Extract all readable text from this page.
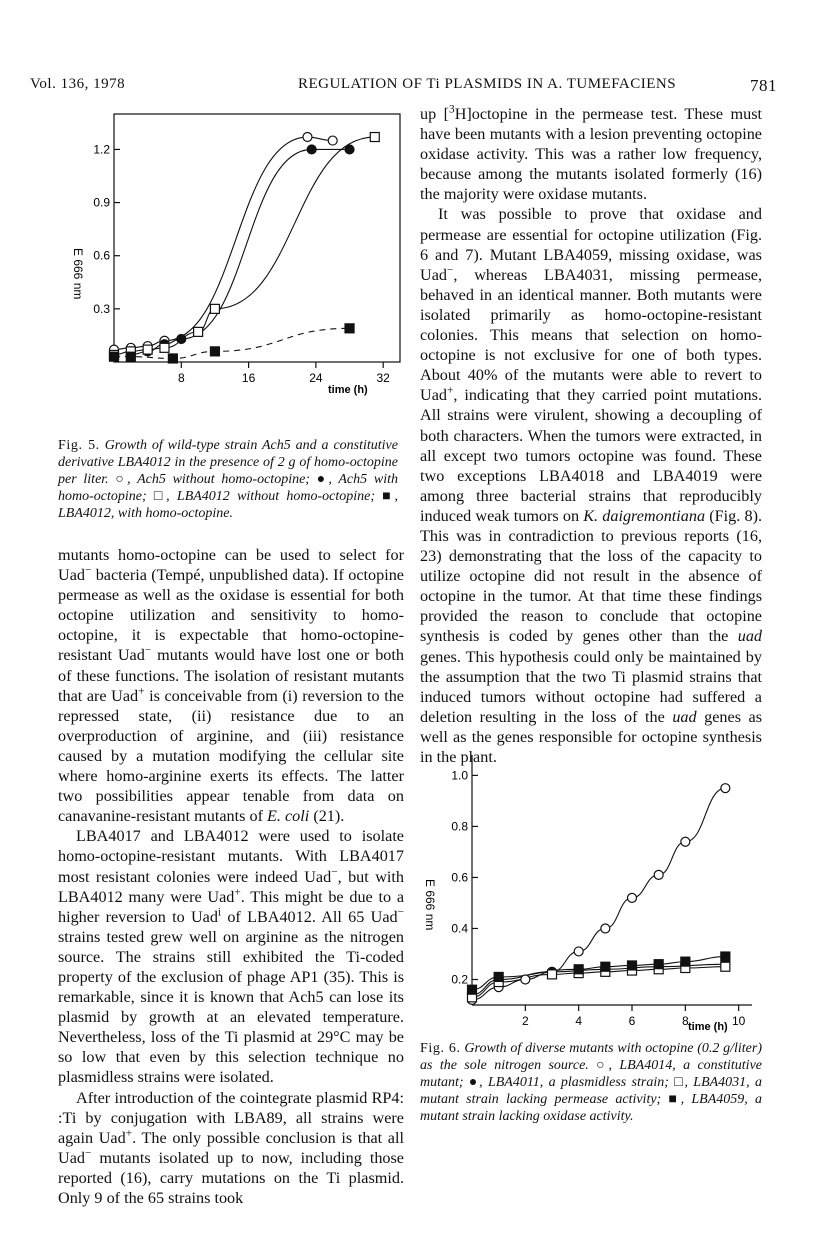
Vol. 136, 1978	REGULATION OF Ti PLASMIDS IN A. TUMEFACIENS	781
8	16	24	32
0.3
0.6
0.9
1.2
time (h)
E 666 nm
Fig. 5. Growth of wild-type strain Ach5 and a constitutive derivative LBA4012 in the presence of 2 g of homo-octopine per liter. ○, Ach5 without homo-octopine; ●, Ach5 with homo-octopine; □, LBA4012 without homo-octopine; ■, LBA4012, with homo-octopine.

mutants homo-octopine can be used to select for Uad− bacteria (Tempé, unpublished data). If octopine permease as well as the oxidase is essential for both octopine utilization and sensitivity to homo-octopine, it is expectable that homo-octopine-resistant Uad− mutants would have lost one or both of these functions. The isolation of resistant mutants that are Uad+ is conceivable from (i) reversion to the repressed state, (ii) resistance due to an overproduction of arginine, and (iii) resistance caused by a mutation modifying the cellular site where homo-arginine exerts its effects. The latter two possibilities appear tenable from data on canavanine-resistant mutants of E. coli (21).

LBA4017 and LBA4012 were used to isolate homo-octopine-resistant mutants. With LBA4017 most resistant colonies were indeed Uad−, but with LBA4012 many were Uad+. This might be due to a higher reversion to Uad$^i$ of LBA4012. All 65 Uad− strains tested grew well on arginine as the nitrogen source. The strains still exhibited the Ti-coded property of the exclusion of phage AP1 (35). This is remarkable, since it is known that Ach5 can lose its plasmid by growth at an elevated temperature. Nevertheless, loss of the Ti plasmid at 29°C may be so low that even by this selection technique no plasmidless strains were isolated.

After introduction of the cointegrate plasmid RP4: :Ti by conjugation with LBA89, all strains were again Uad+. The only possible conclusion is that all Uad− mutants isolated up to now, including those reported (16), carry mutations on the Ti plasmid. Only 9 of the 65 strains took

up [$^3$H]octopine in the permease test. These must have been mutants with a lesion preventing octopine oxidase activity. This was a rather low frequency, because among the mutants isolated formerly (16) the majority were oxidase mutants.

It was possible to prove that oxidase and permease are essential for octopine utilization (Fig. 6 and 7). Mutant LBA4059, missing oxidase, was Uad−, whereas LBA4031, missing permease, behaved in an identical manner. Both mutants were isolated primarily as homo-octopine-resistant colonies. This means that selection on homo-octopine is not exclusive for one of both types. About 40% of the mutants were able to revert to Uad+, indicating that they carried point mutations. All strains were virulent, showing a decoupling of both characters. When the tumors were extracted, in all except two tumors octopine was found. These two exceptions LBA4018 and LBA4019 were among three bacterial strains that reproducibly induced weak tumors on K. daigremontiana (Fig. 8). This was in contradiction to previous reports (16, 23) demonstrating that the loss of the capacity to utilize octopine did not result in the absence of octopine in the tumor. At that time these findings provided the reason to conclude that octopine synthesis is coded by genes other than the uad genes. This hypothesis could only be maintained by the assumption that the two Ti plasmid strains that induced tumors without octopine had suffered a deletion resulting in the loss of the uad genes as well as the genes responsible for octopine synthesis in the plant.

2	4	6	8	10
0.2
0.4
0.6
0.8
1.0
time (h)
E 666 nm
Fig. 6. Growth of diverse mutants with octopine (0.2 g/liter) as the sole nitrogen source. ○, LBA4014, a constitutive mutant; ●, LBA4011, a plasmidless strain; □, LBA4031, a mutant strain lacking permease activity; ■, LBA4059, a mutant strain lacking oxidase activity.
